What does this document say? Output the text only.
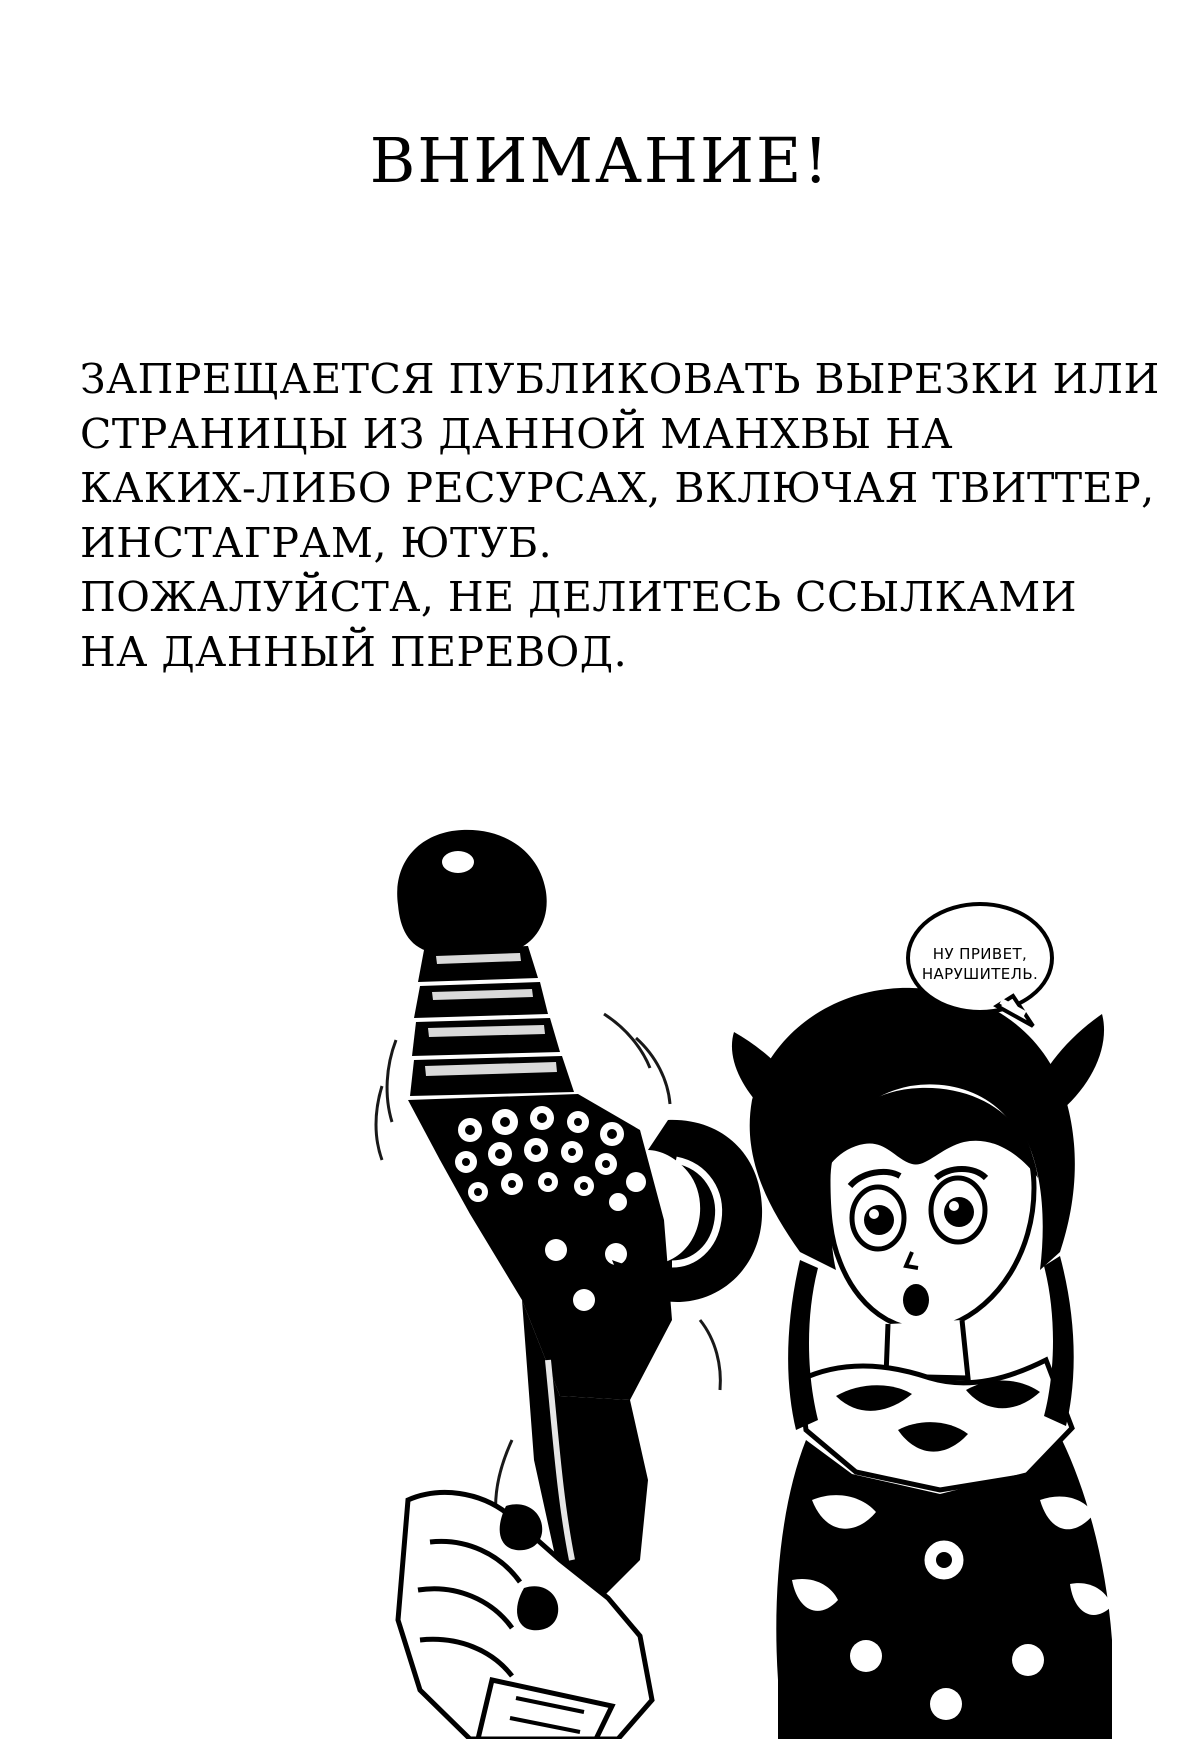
ВНИМАНИЕ!
ЗАПРЕЩАЕТСЯ ПУБЛИКОВАТЬ ВЫРЕЗКИ ИЛИ
СТРАНИЦЫ ИЗ ДАННОЙ МАНХВЫ НА
КАКИХ-ЛИБО РЕСУРСАХ, ВКЛЮЧАЯ ТВИТТЕР,
ИНСТАГРАМ, ЮТУБ.
ПОЖАЛУЙСТА, НЕ ДЕЛИТЕСЬ ССЫЛКАМИ
НА ДАННЫЙ ПЕРЕВОД.
НУ ПРИВЕТ,
НАРУШИТЕЛЬ.
